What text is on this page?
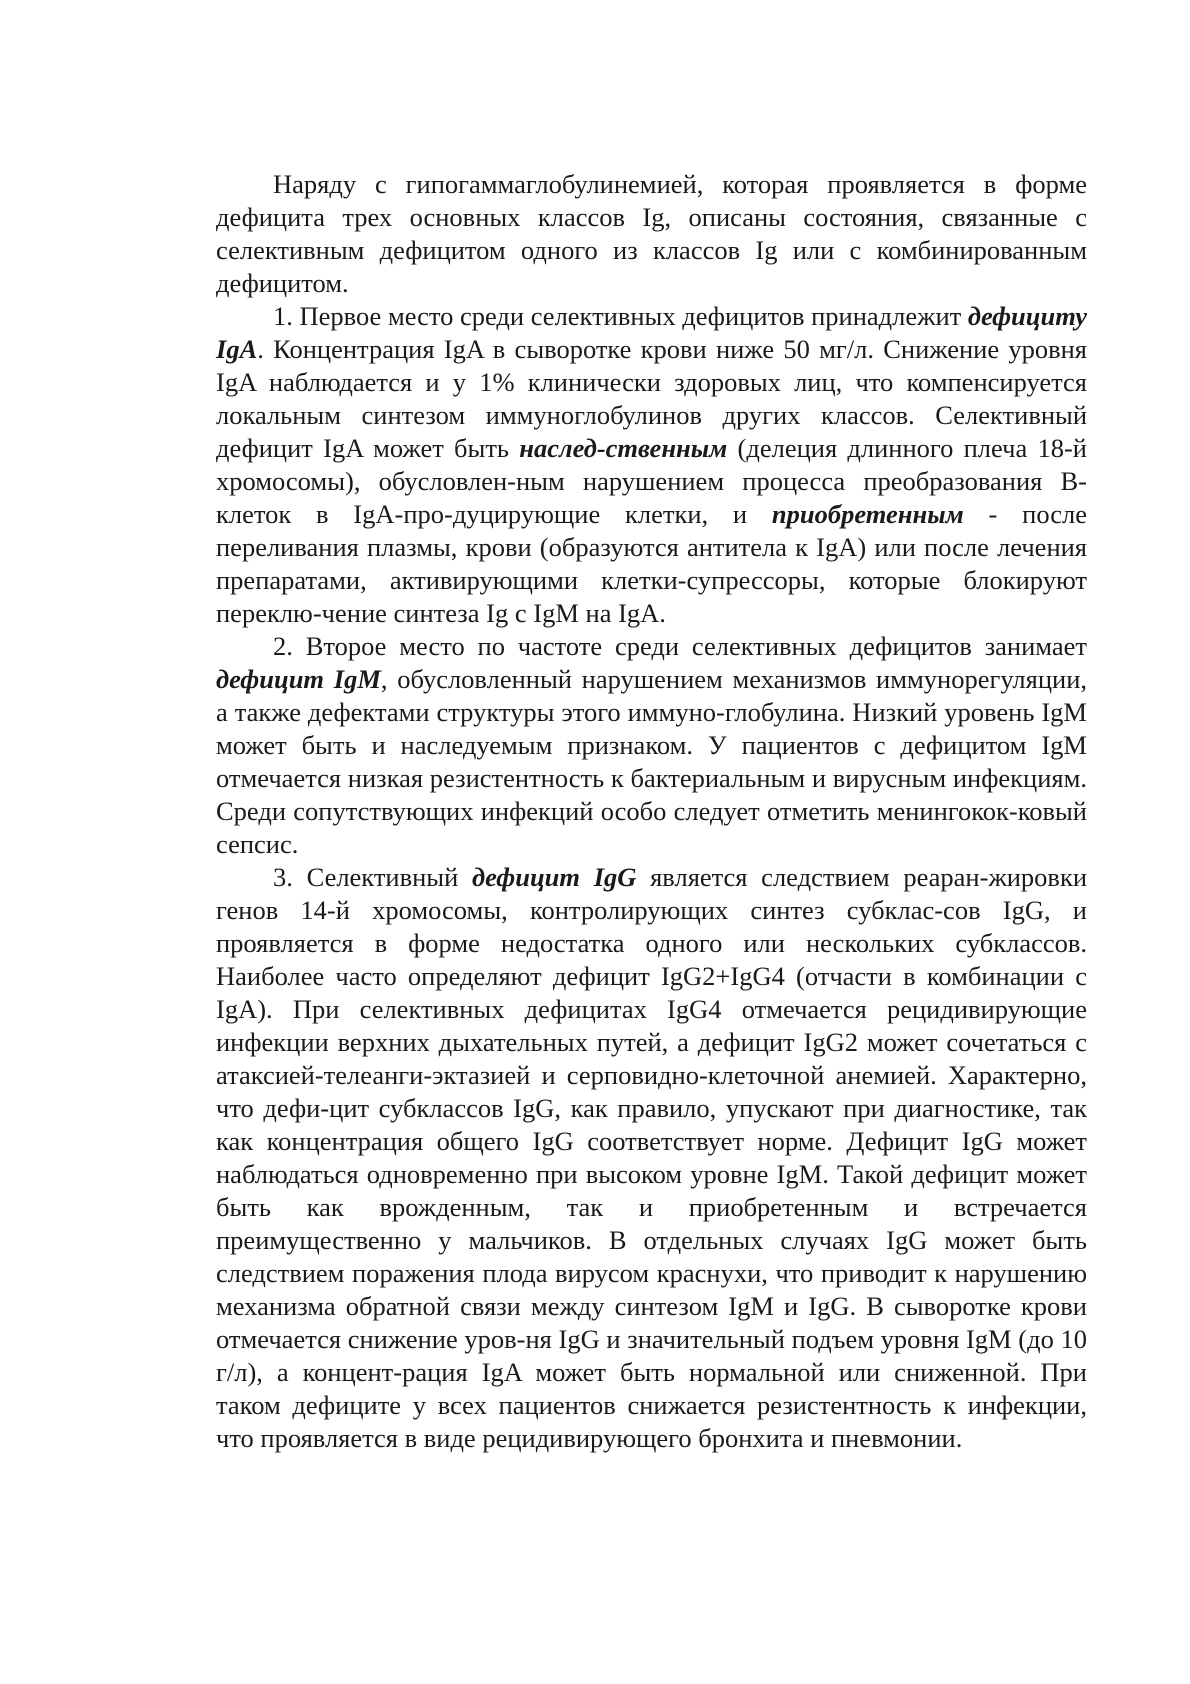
Наряду с гипогаммаглобулинемией, которая проявляется в форме дефицита трех основных классов Ig, описаны состояния, связанные с селективным дефицитом одного из классов Ig или с комбинированным дефицитом.

1. Первое место среди селективных дефицитов принадлежит дефициту IgA. Концентрация IgA в сыворотке крови ниже 50 мг/л. Снижение уровня IgA наблюдается и у 1% клинически здоровых лиц, что компенсируется локальным синтезом иммуноглобулинов других классов. Селективный дефицит IgA может быть наслед-ственным (делеция длинного плеча 18-й хромосомы), обусловлен-ным нарушением процесса преобразования В-клеток в IgA-про-дуцирующие клетки, и приобретенным - после переливания плазмы, крови (образуются антитела к IgA) или после лечения препаратами, активирующими клетки-супрессоры, которые блокируют переклю-чение синтеза Ig с IgM на IgA.

2. Второе место по частоте среди селективных дефицитов занимает дефицит IgM, обусловленный нарушением механизмов иммунорегуляции, а также дефектами структуры этого иммуно-глобулина. Низкий уровень IgM может быть и наследуемым признаком. У пациентов с дефицитом IgM отмечается низкая резистентность к бактериальным и вирусным инфекциям. Среди сопутствующих инфекций особо следует отметить менингокок-ковый сепсис.

3. Селективный дефицит IgG является следствием реаран-жировки генов 14-й хромосомы, контролирующих синтез субклас-сов IgG, и проявляется в форме недостатка одного или нескольких субклассов. Наиболее часто определяют дефицит IgG2+IgG4 (отчасти в комбинации с IgA). При селективных дефицитах IgG4 отмечается рецидивирующие инфекции верхних дыхательных путей, а дефицит IgG2 может сочетаться с атаксией-телеанги-эктазией и серповидно-клеточной анемией. Характерно, что дефи-цит субклассов IgG, как правило, упускают при диагностике, так как концентрация общего IgG соответствует норме. Дефицит IgG может наблюдаться одновременно при высоком уровне IgM. Такой дефицит может быть как врожденным, так и приобретенным и встречается преимущественно у мальчиков. В отдельных случаях IgG может быть следствием поражения плода вирусом краснухи, что приводит к нарушению механизма обратной связи между синтезом IgM и IgG. В сыворотке крови отмечается снижение уров-ня IgG и значительный подъем уровня IgM (до 10 г/л), а концент-рация IgA может быть нормальной или сниженной. При таком дефиците у всех пациентов снижается резистентность к инфекции, что проявляется в виде рецидивирующего бронхита и пневмонии.
